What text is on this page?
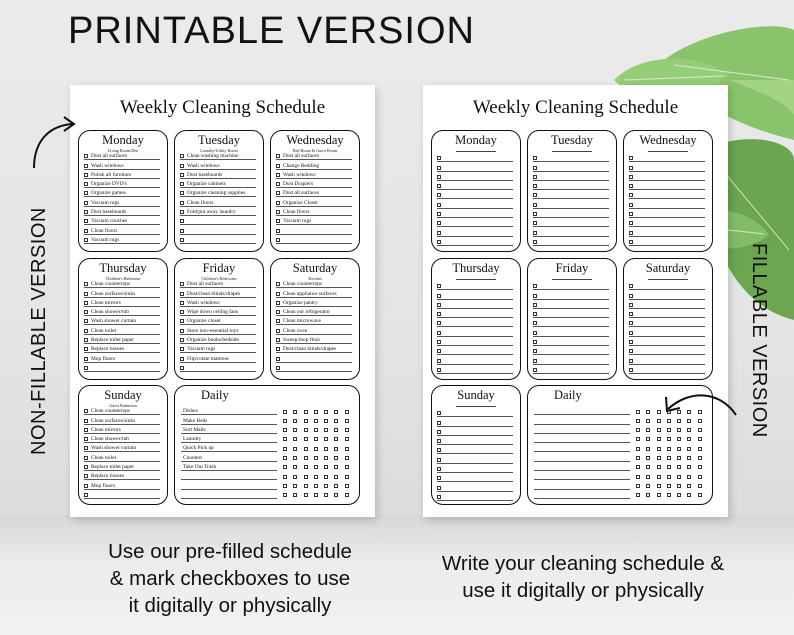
PRINTABLE VERSION
Weekly Cleaning Schedule
Monday
Living Room/Den
Dust all surfaces
Wash windows
Polish all furniture
Organize DVD's
Organize games
Vacuum rugs
Dust baseboards
Vacuum couches
Clean floors
Vacuum rugs
Tuesday
Laundry/Utility Room
Clean washing machine
Wash windows
Dust baseboards
Organize cabinets
Organize cleaning supplies
Clean floors
Fold/put away laundry
Wednesday
Bed Room & Guest Room
Dust all surfaces
Change Bedding
Wash windows
Dust Drapiers
Dust all surfaces
Organize Closet
Clean floors
Vacuum rugs
Thursday
Children's Bathroom
Clean countertops
Clean surfaces/sinks
Clean mirrors
Clean shower/tub
Wash shower curtain
Clean toilet
Replace toilet paper
Replace tissues
Mop floors
Friday
Children's Bedrooms
Dust all surfaces
Dust/clean blinds/drapes
Wash windows
Wipe down ceiling fans
Organize closet
Store non-essential toys
Organize books/bedside
Vacuum rugs
Flip/rotate mattress
Saturday
Kitchen
Clean countertops
Clean appliance surfaces
Organize pantry
Clean our refrigerator
Clean microwave
Clean oven
Sweep/mop floor
Dust/clean blinds/drapes
Sunday
Guest Bathroom
Clean countertops
Clean surfaces/sinks
Clean mirrors
Clean shower/tub
Wash shower curtain
Clean toilet
Replace toilet paper
Replace tissues
Mop floors
Daily
Dishes
Make Beds
Sort Mails
Laundry
Quick Pick up
Counters
Take Out Trash
Weekly Cleaning Schedule
Monday	Tuesday	Wednesday
Thursday	Friday	Saturday
Sunday	Daily
NON-FILLABLE VERSION	FILLABLE VERSION
Use our pre-filled schedule
& mark checkboxes to use
it digitally or physically
Write your cleaning schedule &
use it digitally or physically
